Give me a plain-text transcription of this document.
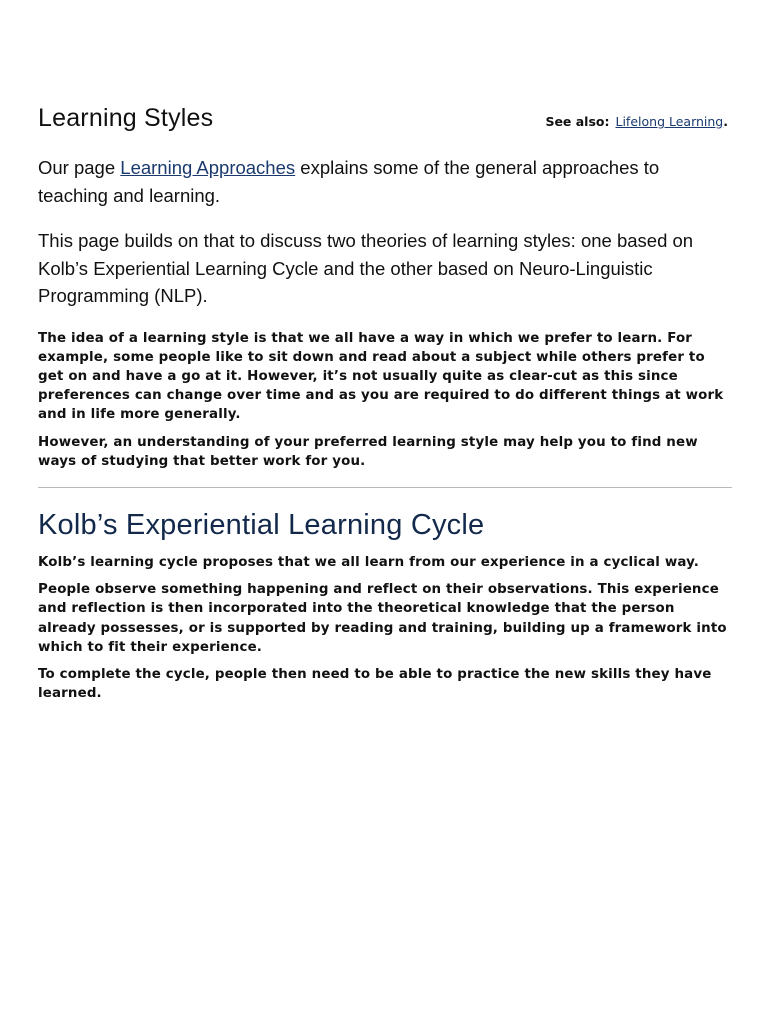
Learning Styles	See also: Lifelong Learning.

Our page Learning Approaches explains some of the general approaches to teaching and learning.

This page builds on that to discuss two theories of learning styles: one based on Kolb’s Experiential Learning Cycle and the other based on Neuro-Linguistic Programming (NLP).

The idea of a learning style is that we all have a way in which we prefer to learn. For example, some people like to sit down and read about a subject while others prefer to get on and have a go at it. However, it’s not usually quite as clear-cut as this since preferences can change over time and as you are required to do different things at work and in life more generally.

However, an understanding of your preferred learning style may help you to find new ways of studying that better work for you.

Kolb’s Experiential Learning Cycle

Kolb’s learning cycle proposes that we all learn from our experience in a cyclical way.

People observe something happening and reflect on their observations. This experience and reflection is then incorporated into the theoretical knowledge that the person already possesses, or is supported by reading and training, building up a framework into which to fit their experience.

To complete the cycle, people then need to be able to practice the new skills they have learned.
